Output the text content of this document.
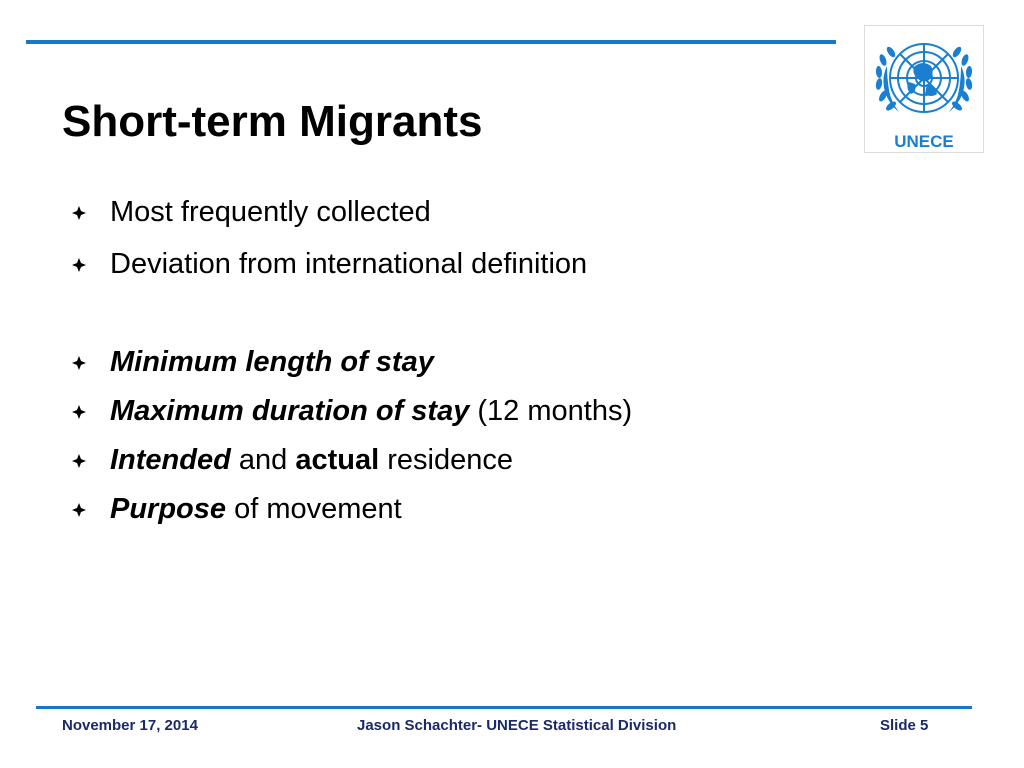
Short-term Migrants	UNECE
Most frequently collected
Deviation from international definition
Minimum length of stay
Maximum duration of stay (12 months)
Intended and actual residence
Purpose of movement
November 17, 2014	Jason Schachter- UNECE Statistical Division	Slide 5
